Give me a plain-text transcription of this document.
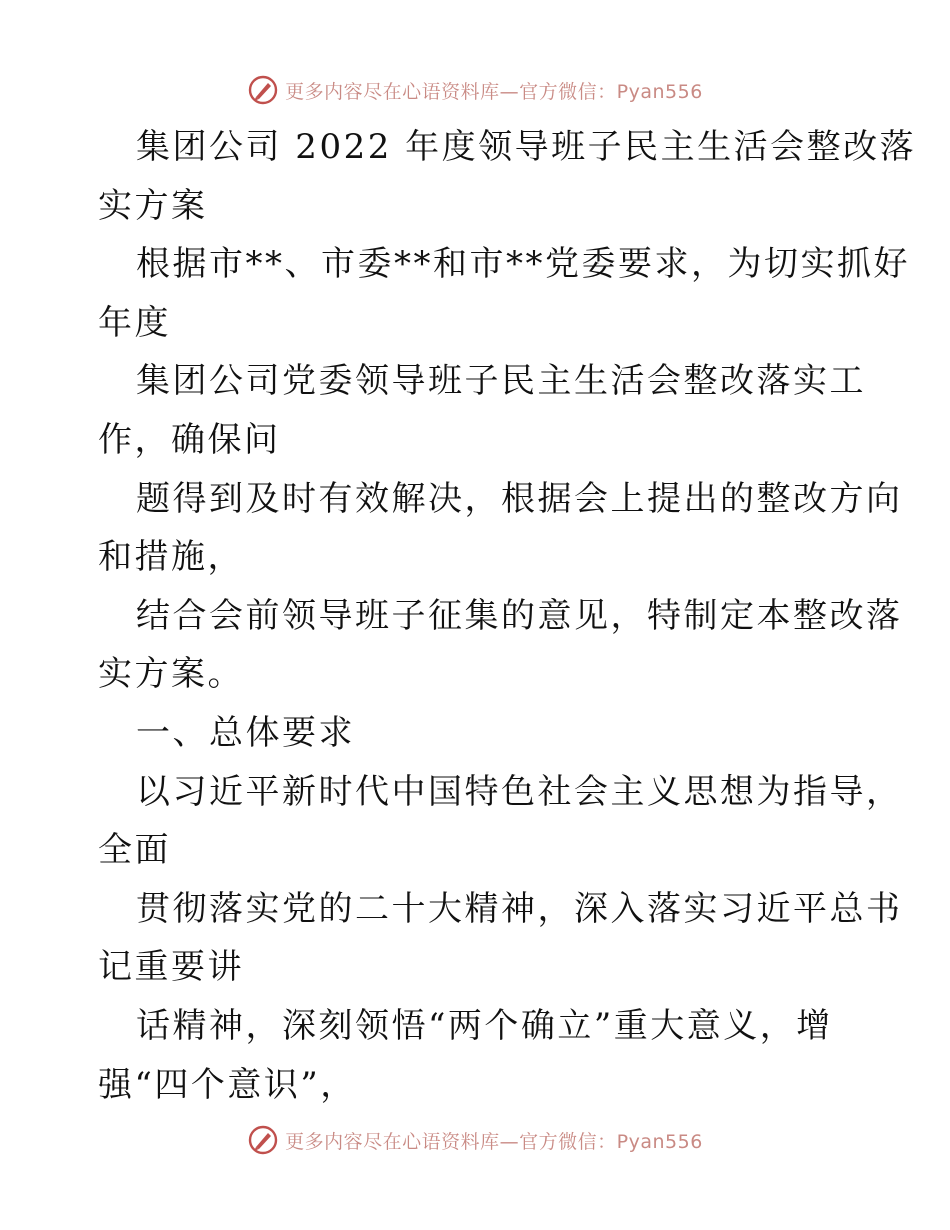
更多内容尽在心语资料库—官方微信：Pyan556
集团公司 2022 年度领导班子民主生活会整改落
实方案
根据市**、市委**和市**党委要求，为切实抓好
年度
集团公司党委领导班子民主生活会整改落实工
作，确保问
题得到及时有效解决，根据会上提出的整改方向
和措施，
结合会前领导班子征集的意见，特制定本整改落
实方案。
一、总体要求
以习近平新时代中国特色社会主义思想为指导，
全面
贯彻落实党的二十大精神，深入落实习近平总书
记重要讲
话精神，深刻领悟“两个确立”重大意义，增
强“四个意识”，
更多内容尽在心语资料库—官方微信：Pyan556
